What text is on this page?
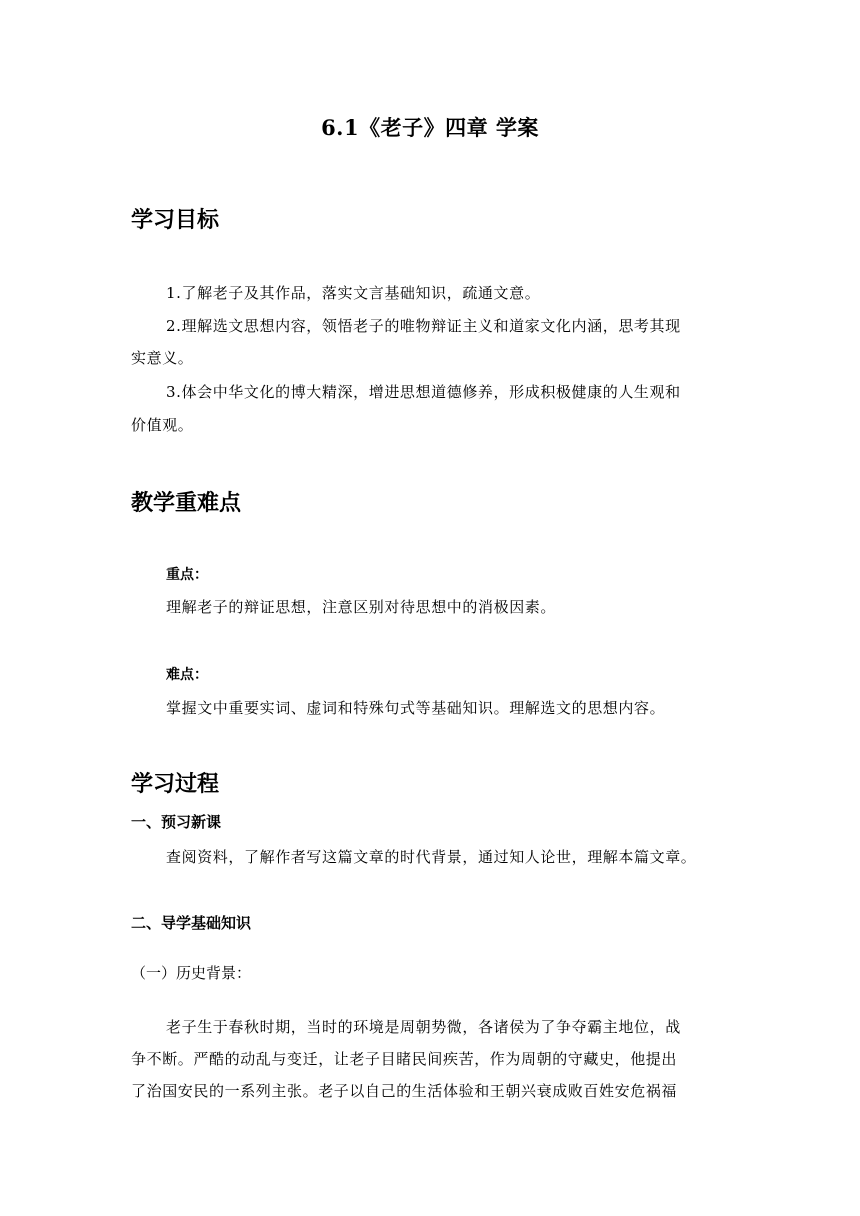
6.1《老子》四章 学案
学习目标
1.了解老子及其作品，落实文言基础知识，疏通文意。
2.理解选文思想内容，领悟老子的唯物辩证主义和道家文化内涵，思考其现
实意义。
3.体会中华文化的博大精深，增进思想道德修养，形成积极健康的人生观和
价值观。
教学重难点
重点：
理解老子的辩证思想，注意区别对待思想中的消极因素。
难点：
掌握文中重要实词、虚词和特殊句式等基础知识。理解选文的思想内容。
学习过程
一、预习新课
查阅资料，了解作者写这篇文章的时代背景，通过知人论世，理解本篇文章。
二、导学基础知识
（一）历史背景：
老子生于春秋时期，当时的环境是周朝势微，各诸侯为了争夺霸主地位，战
争不断。严酷的动乱与变迁，让老子目睹民间疾苦，作为周朝的守藏史，他提出
了治国安民的一系列主张。老子以自己的生活体验和王朝兴衰成败百姓安危祸福
